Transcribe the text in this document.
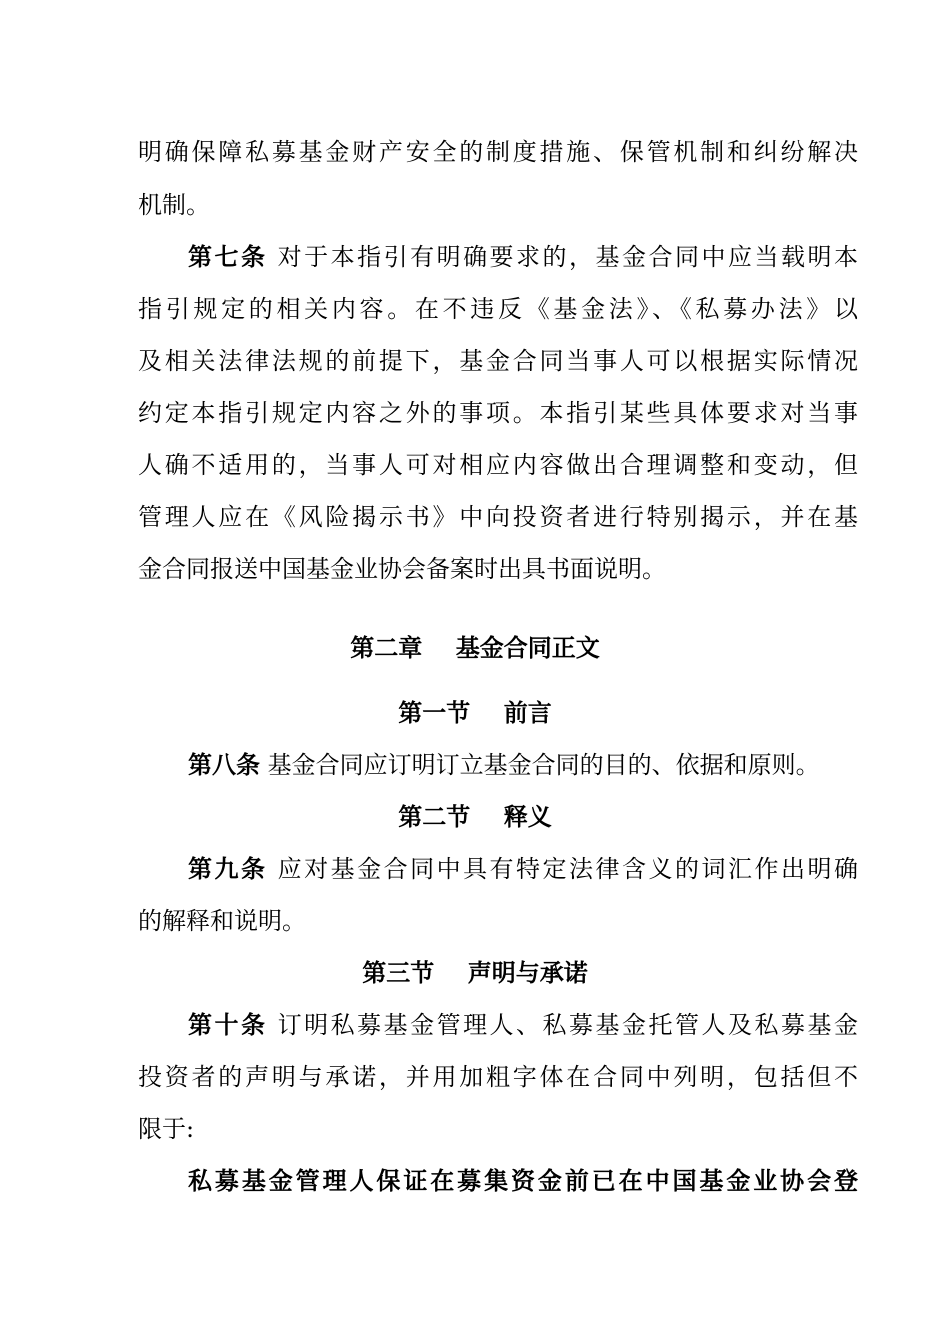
明确保障私募基金财产安全的制度措施、保管机制和纠纷解决
机制。
第七条 对于本指引有明确要求的，基金合同中应当载明本
指引规定的相关内容。在不违反《基金法》、《私募办法》以
及相关法律法规的前提下，基金合同当事人可以根据实际情况
约定本指引规定内容之外的事项。本指引某些具体要求对当事
人确不适用的，当事人可对相应内容做出合理调整和变动，但
管理人应在《风险揭示书》中向投资者进行特别揭示，并在基
金合同报送中国基金业协会备案时出具书面说明。
第二章    基金合同正文
第一节    前言
第八条 基金合同应订明订立基金合同的目的、依据和原则。
第二节    释义
第九条 应对基金合同中具有特定法律含义的词汇作出明确
的解释和说明。
第三节    声明与承诺
第十条 订明私募基金管理人、私募基金托管人及私募基金
投资者的声明与承诺，并用加粗字体在合同中列明，包括但不
限于:
私募基金管理人保证在募集资金前已在中国基金业协会登
